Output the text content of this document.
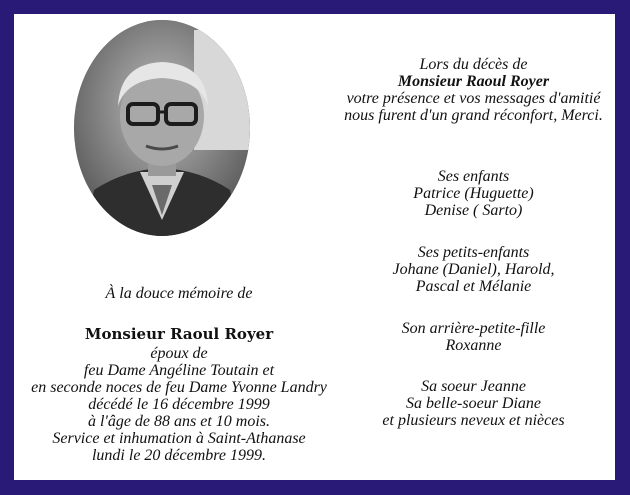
À la douce mémoire de
Monsieur Raoul Royer
époux de
feu Dame Angéline Toutain et
en seconde noces de feu Dame Yvonne Landry
décédé le 16 décembre 1999
à l'âge de 88 ans et 10 mois.
Service et inhumation à Saint-Athanase
lundi le 20 décembre 1999.
Lors du décès de
Monsieur Raoul Royer
votre présence et vos messages d'amitié
nous furent d'un grand réconfort, Merci.
Ses enfants
Patrice (Huguette)
Denise ( Sarto)
Ses petits-enfants
Johane (Daniel), Harold,
Pascal et Mélanie
Son arrière-petite-fille
Roxanne
Sa soeur Jeanne
Sa belle-soeur Diane
et plusieurs neveux et nièces
